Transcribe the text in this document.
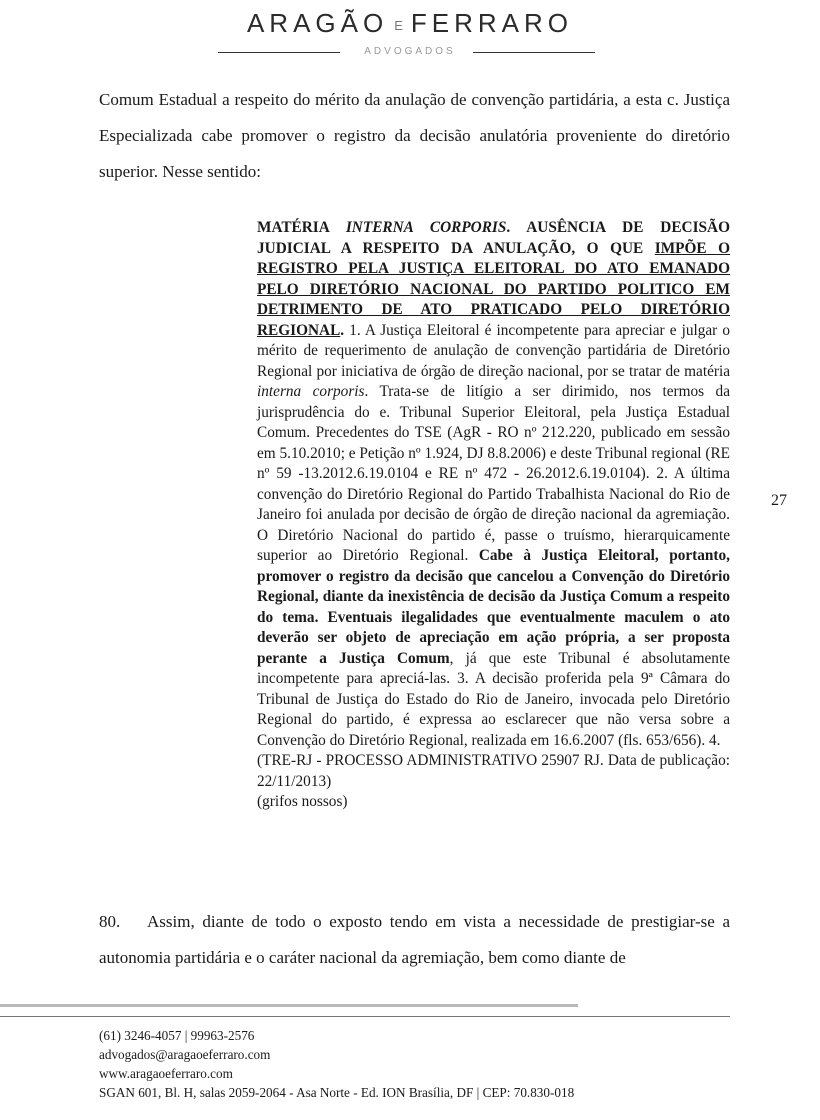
ARAGÃO E FERRARO
ADVOGADOS
Comum Estadual a respeito do mérito da anulação de convenção partidária, a esta c. Justiça Especializada cabe promover o registro da decisão anulatória proveniente do diretório superior. Nesse sentido:
MATÉRIA INTERNA CORPORIS. AUSÊNCIA DE DECISÃO JUDICIAL A RESPEITO DA ANULAÇÃO, O QUE IMPÕE O REGISTRO PELA JUSTIÇA ELEITORAL DO ATO EMANADO PELO DIRETÓRIO NACIONAL DO PARTIDO POLITICO EM DETRIMENTO DE ATO PRATICADO PELO DIRETÓRIO REGIONAL. 1. A Justiça Eleitoral é incompetente para apreciar e julgar o mérito de requerimento de anulação de convenção partidária de Diretório Regional por iniciativa de órgão de direção nacional, por se tratar de matéria interna corporis. Trata-se de litígio a ser dirimido, nos termos da jurisprudência do e. Tribunal Superior Eleitoral, pela Justiça Estadual Comum. Precedentes do TSE (AgR - RO nº 212.220, publicado em sessão em 5.10.2010; e Petição nº 1.924, DJ 8.8.2006) e deste Tribunal regional (RE nº 59 -13.2012.6.19.0104 e RE nº 472 - 26.2012.6.19.0104). 2. A última convenção do Diretório Regional do Partido Trabalhista Nacional do Rio de Janeiro foi anulada por decisão de órgão de direção nacional da agremiação. O Diretório Nacional do partido é, passe o truísmo, hierarquicamente superior ao Diretório Regional. Cabe à Justiça Eleitoral, portanto, promover o registro da decisão que cancelou a Convenção do Diretório Regional, diante da inexistência de decisão da Justiça Comum a respeito do tema. Eventuais ilegalidades que eventualmente maculem o ato deverão ser objeto de apreciação em ação própria, a ser proposta perante a Justiça Comum, já que este Tribunal é absolutamente incompetente para apreciá-las. 3. A decisão proferida pela 9ª Câmara do Tribunal de Justiça do Estado do Rio de Janeiro, invocada pelo Diretório Regional do partido, é expressa ao esclarecer que não versa sobre a Convenção do Diretório Regional, realizada em 16.6.2007 (fls. 653/656). 4.
(TRE-RJ - PROCESSO ADMINISTRATIVO 25907 RJ. Data de publicação: 22/11/2013)
(grifos nossos)
27
80. Assim, diante de todo o exposto tendo em vista a necessidade de prestigiar-se a autonomia partidária e o caráter nacional da agremiação, bem como diante de
(61) 3246-4057 | 99963-2576
advogados@aragaoeferraro.com
www.aragaoeferraro.com
SGAN 601, Bl. H, salas 2059-2064 - Asa Norte - Ed. ION Brasília, DF | CEP: 70.830-018
